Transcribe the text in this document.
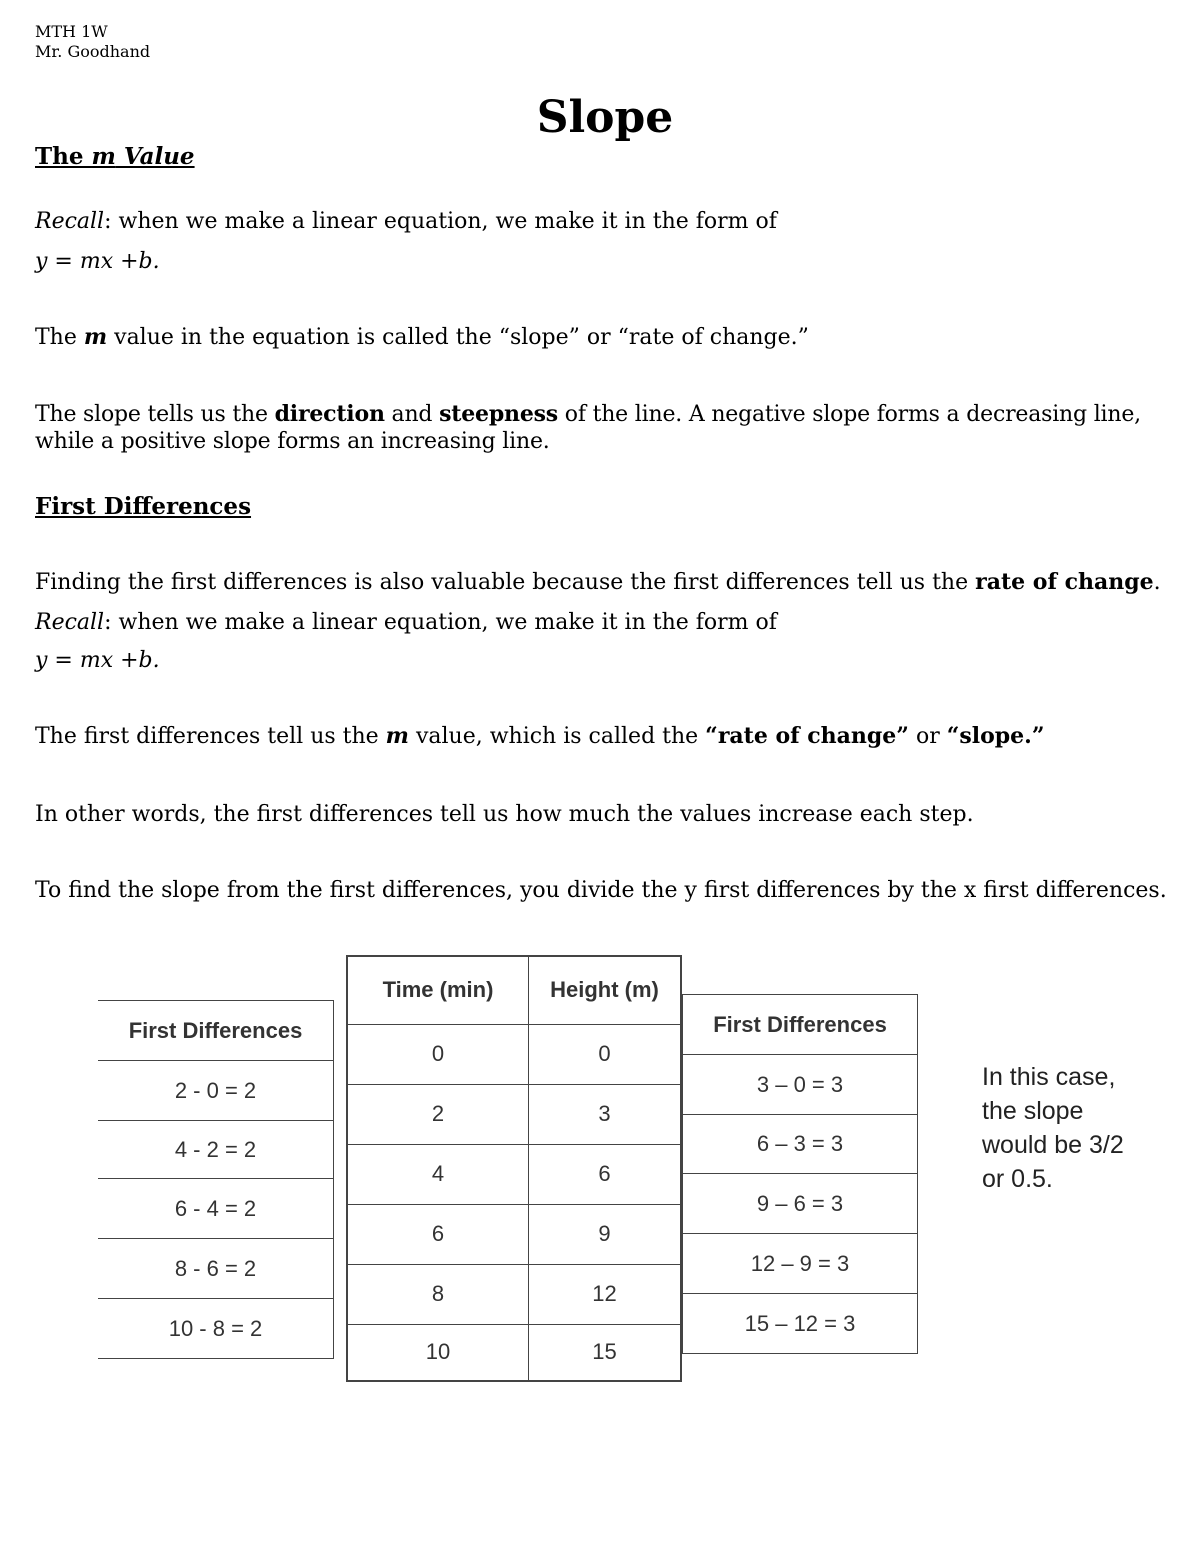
MTH 1W
Mr. Goodhand
Slope
The m Value
Recall: when we make a linear equation, we make it in the form of
y = mx +b.
The m value in the equation is called the “slope” or “rate of change.”
The slope tells us the direction and steepness of the line. A negative slope forms a decreasing line, while a positive slope forms an increasing line.
First Differences
Finding the first differences is also valuable because the first differences tell us the rate of change.
Recall: when we make a linear equation, we make it in the form of
y = mx +b.
The first differences tell us the m value, which is called the “rate of change” or “slope.”
In other words, the first differences tell us how much the values increase each step.
To find the slope from the first differences, you divide the y first differences by the x first differences.
First Differences
2 - 0 = 2
4 - 2 = 2
6 - 4 = 2
8 - 6 = 2
10 - 8 = 2
Time (min)	Height (m)
0	0
2	3
4	6
6	9
8	12
10	15
First Differences
3 – 0 = 3
6 – 3 = 3
9 – 6 = 3
12 – 9 = 3
15 – 12 = 3
In this case, the slope would be 3/2 or 0.5.
